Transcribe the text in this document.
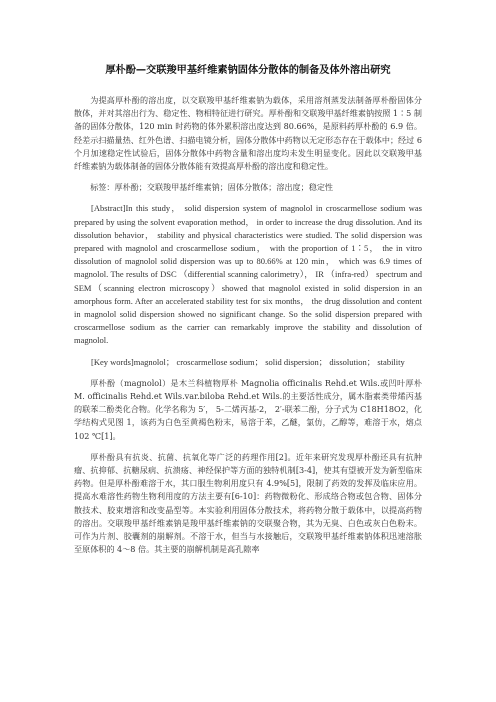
厚朴酚—交联羧甲基纤维素钠固体分散体的制备及体外溶出研究

为提高厚朴酚的溶出度，以交联羧甲基纤维素钠为载体，采用溶剂蒸发法制备厚朴酚固体分散体，并对其溶出行为、稳定性、物相特征进行研究。厚朴酚和交联羧甲基纤维素钠按照 1∶5 制备的固体分散体，120 min 时药物的体外累积溶出度达到 80.66%，是原料药厚朴酚的 6.9 倍。经差示扫描量热、红外色谱、扫描电镜分析，固体分散体中药物以无定形态存在于载体中；经过 6 个月加速稳定性试验后，固体分散体中药物含量和溶出度均未发生明显变化。因此以交联羧甲基纤维素钠为载体制备的固体分散体能有效提高厚朴酚的溶出度和稳定性。

标签：厚朴酚；交联羧甲基纤维素钠；固体分散体；溶出度；稳定性

[Abstract]In this study， solid dispersion system of magnolol in croscarmellose sodium was prepared by using the solvent evaporation method， in order to increase the drug dissolution. And its dissolution behavior， stability and physical characteristics were studied. The solid dispersion was prepared with magnolol and croscarmellose sodium， with the proportion of 1∶5， the in vitro dissolution of magnolol solid dispersion was up to 80.66% at 120 min， which was 6.9 times of magnolol. The results of DSC （differential scanning calorimetry）， IR （infra-red） spectrum and SEM（scanning electron microscopy）showed that magnolol existed in solid dispersion in an amorphous form. After an accelerated stability test for six months， the drug dissolution and content in magnolol solid dispersion showed no significant change. So the solid dispersion prepared with croscarmellose sodium as the carrier can remarkably improve the stability and dissolution of magnolol.

[Key words]magnolol； croscarmellose sodium； solid dispersion； dissolution； stability

厚朴酚（magnolol）是木兰科植物厚朴 Magnolia officinalis Rehd.et Wils.或凹叶厚朴 M. officinalis Rehd.et Wils.var.biloba Rehd.et Wils.的主要活性成分，属木脂素类带烯丙基的联苯二酚类化合物。化学名称为 5′， 5-二烯丙基-2， 2′-联苯二酚，分子式为 C18H18O2，化学结构式见图 1，该药为白色至黄褐色粉末，易溶于苯，乙醚，氯仿，乙醇等，难溶于水，熔点 102 ℃[1]。

厚朴酚具有抗炎、抗菌、抗氧化等广泛的药理作用[2]。近年来研究发现厚朴酚还具有抗肿瘤、抗抑郁、抗糖尿病、抗溃疡、神经保护等方面的独特机制[3-4]，使其有望被开发为新型临床药物。但是厚朴酚难溶于水，其口服生物利用度只有 4.9%[5]，限制了药效的发挥及临床应用。提高水难溶性药物生物利用度的方法主要有[6-10]：药物微粉化、形成络合物或包合物、固体分散技术、胶束增溶和改变晶型等。本实验利用固体分散技术，将药物分散于载体中，以提高药物的溶出。交联羧甲基纤维素钠是羧甲基纤维素钠的交联聚合物，其为无臭、白色或灰白色粉末。可作为片剂、胶囊剂的崩解剂。不溶于水，但当与水接触后，交联羧甲基纤维素钠体积迅速溶胀至原体积的 4～8 倍。其主要的崩解机制是高孔隙率
